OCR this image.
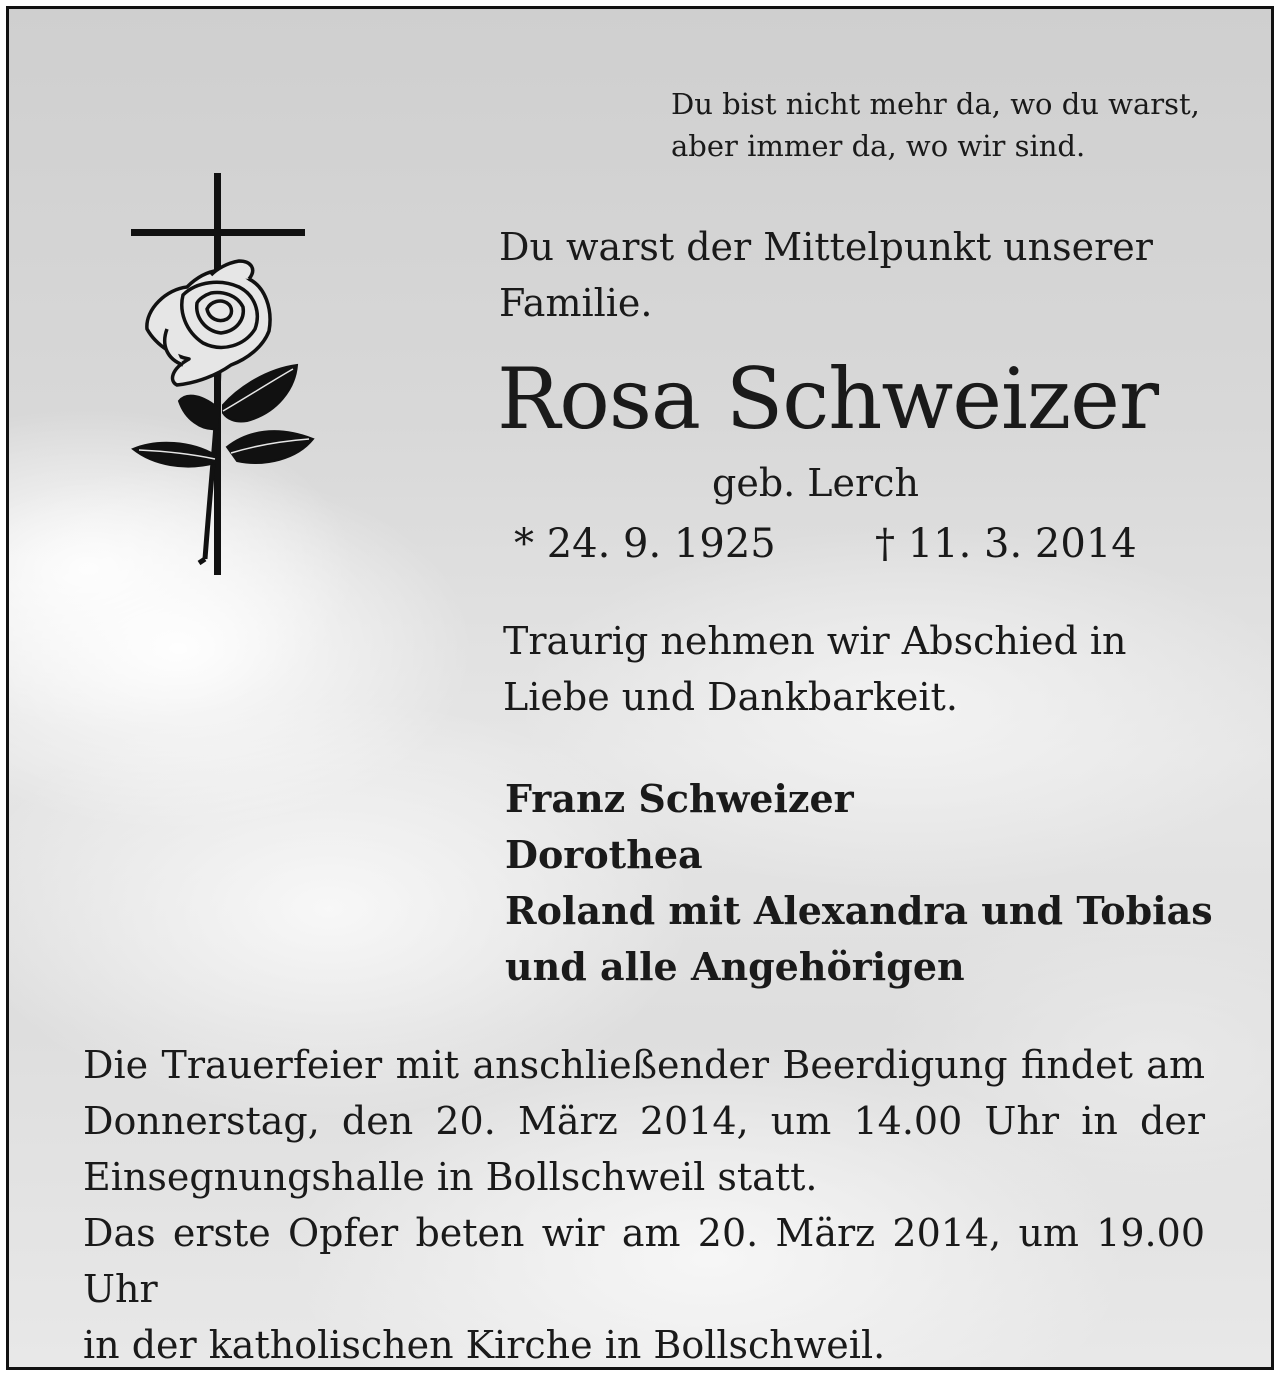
Du bist nicht mehr da, wo du warst,
aber immer da, wo wir sind.

Du warst der Mittelpunkt unserer
Familie.

Rosa Schweizer

geb. Lerch

* 24. 9. 1925 † 11. 3. 2014

Traurig nehmen wir Abschied in
Liebe und Dankbarkeit.

Franz Schweizer
Dorothea
Roland mit Alexandra und Tobias
und alle Angehörigen

Die Trauerfeier mit anschließender Beerdigung findet am
Donnerstag, den 20. März 2014, um 14.00 Uhr in der
Einsegnungshalle in Bollschweil statt.
Das erste Opfer beten wir am 20. März 2014, um 19.00 Uhr
in der katholischen Kirche in Bollschweil.
